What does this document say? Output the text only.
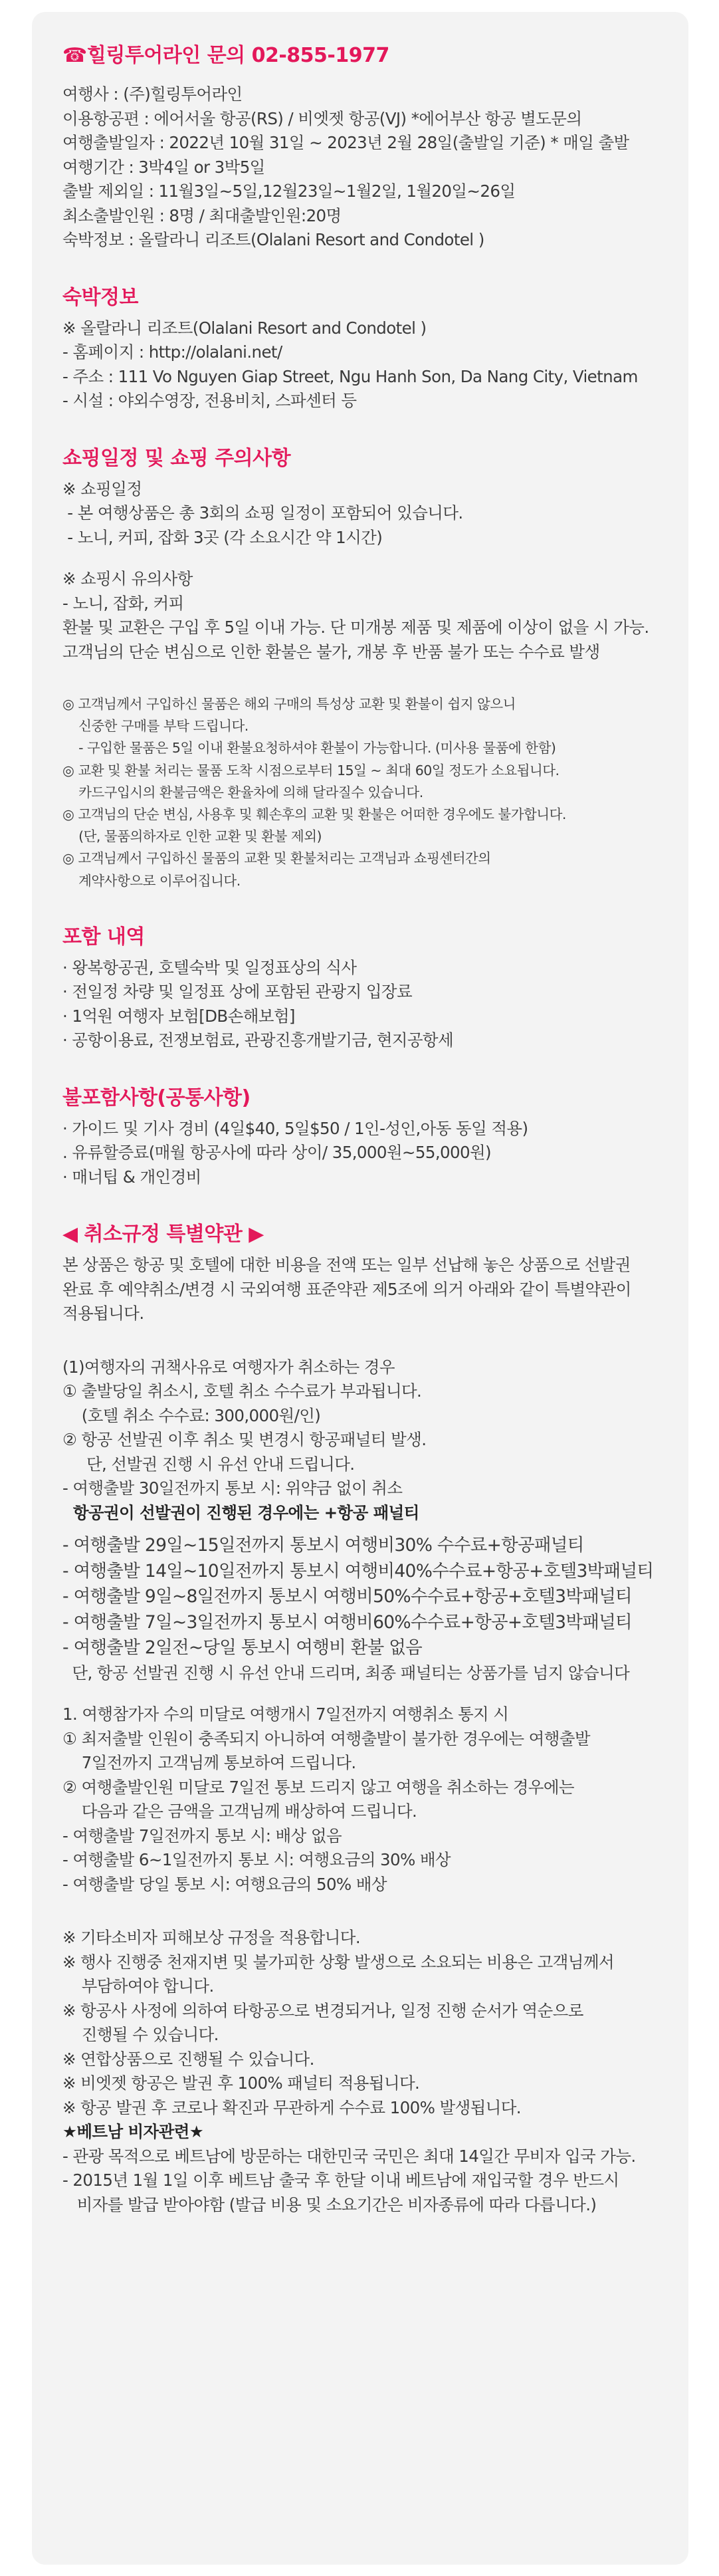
☎힐링투어라인 문의 02-855-1977
여행사 : (주)힐링투어라인
이용항공편 : 에어서울 항공(RS) / 비엣젯 항공(VJ) *에어부산 항공 별도문의
여행출발일자 : 2022년 10월 31일 ~ 2023년 2월 28일(출발일 기준) * 매일 출발
여행기간 : 3박4일 or 3박5일
출발 제외일 : 11월3일~5일,12월23일~1월2일, 1월20일~26일
최소출발인원 : 8명 / 최대출발인원:20명
숙박정보 : 올랄라니 리조트(Olalani Resort and Condotel )
숙박정보
※ 올랄라니 리조트(Olalani Resort and Condotel )
- 홈페이지 : http://olalani.net/
- 주소 : 111 Vo Nguyen Giap Street, Ngu Hanh Son, Da Nang City, Vietnam
- 시설 : 야외수영장, 전용비치, 스파센터 등
쇼핑일정 및 쇼핑 주의사항
※ 쇼핑일정
- 본 여행상품은 총 3회의 쇼핑 일정이 포함되어 있습니다.
- 노니, 커피, 잡화 3곳 (각 소요시간 약 1시간)
※ 쇼핑시 유의사항
- 노니, 잡화, 커피
환불 및 교환은 구입 후 5일 이내 가능. 단 미개봉 제품 및 제품에 이상이 없을 시 가능.
고객님의 단순 변심으로 인한 환불은 불가, 개봉 후 반품 불가 또는 수수료 발생
◎ 고객님께서 구입하신 물품은 해외 구매의 특성상 교환 및 환불이 쉽지 않으니
신중한 구매를 부탁 드립니다.
- 구입한 물품은 5일 이내 환불요청하셔야 환불이 가능합니다. (미사용 물품에 한함)
◎ 교환 및 환불 처리는 물품 도착 시점으로부터 15일 ~ 최대 60일 정도가 소요됩니다.
카드구입시의 환불금액은 환율차에 의해 달라질수 있습니다.
◎ 고객님의 단순 변심, 사용후 및 훼손후의 교환 및 환불은 어떠한 경우에도 불가합니다.
(단, 물품의하자로 인한 교환 및 환불 제외)
◎ 고객님께서 구입하신 물품의 교환 및 환불처리는 고객님과 쇼핑센터간의
계약사항으로 이루어집니다.
포함 내역
· 왕복항공권, 호텔숙박 및 일정표상의 식사
· 전일정 차량 및 일정표 상에 포함된 관광지 입장료
· 1억원 여행자 보험[DB손해보험]
· 공항이용료, 전쟁보험료, 관광진흥개발기금, 현지공항세
불포함사항(공통사항)
· 가이드 및 기사 경비 (4일$40, 5일$50 / 1인-성인,아동 동일 적용)
. 유류할증료(매월 항공사에 따라 상이/ 35,000원~55,000원)
· 매너팁 & 개인경비
◀ 취소규정 특별약관 ▶
본 상품은 항공 및 호텔에 대한 비용을 전액 또는 일부 선납해 놓은 상품으로 선발권
완료 후 예약취소/변경 시 국외여행 표준약관 제5조에 의거 아래와 같이 특별약관이
적용됩니다.
(1)여행자의 귀책사유로 여행자가 취소하는 경우
① 출발당일 취소시, 호텔 취소 수수료가 부과됩니다.
(호텔 취소 수수료: 300,000원/인)
② 항공 선발권 이후 취소 및 변경시 항공패널티 발생.
단, 선발권 진행 시 유선 안내 드립니다.
- 여행출발 30일전까지 통보 시: 위약금 없이 취소
항공권이 선발권이 진행된 경우에는 +항공 패널티
- 여행출발 29일~15일전까지 통보시 여행비30% 수수료+항공패널티
- 여행출발 14일~10일전까지 통보시 여행비40%수수료+항공+호텔3박패널티
- 여행출발 9일~8일전까지 통보시 여행비50%수수료+항공+호텔3박패널티
- 여행출발 7일~3일전까지 통보시 여행비60%수수료+항공+호텔3박패널티
- 여행출발 2일전~당일 통보시 여행비 환불 없음
단, 항공 선발권 진행 시 유선 안내 드리며, 최종 패널티는 상품가를 넘지 않습니다
1. 여행참가자 수의 미달로 여행개시 7일전까지 여행취소 통지 시
① 최저출발 인원이 충족되지 아니하여 여행출발이 불가한 경우에는 여행출발
7일전까지 고객님께 통보하여 드립니다.
② 여행출발인원 미달로 7일전 통보 드리지 않고 여행을 취소하는 경우에는
다음과 같은 금액을 고객님께 배상하여 드립니다.
- 여행출발 7일전까지 통보 시: 배상 없음
- 여행출발 6~1일전까지 통보 시: 여행요금의 30% 배상
- 여행출발 당일 통보 시: 여행요금의 50% 배상
※ 기타소비자 피해보상 규정을 적용합니다.
※ 행사 진행중 천재지변 및 불가피한 상황 발생으로 소요되는 비용은 고객님께서
부담하여야 합니다.
※ 항공사 사정에 의하여 타항공으로 변경되거나, 일정 진행 순서가 역순으로
진행될 수 있습니다.
※ 연합상품으로 진행될 수 있습니다.
※ 비엣젯 항공은 발권 후 100% 패널티 적용됩니다.
※ 항공 발권 후 코로나 확진과 무관하게 수수료 100% 발생됩니다.
★베트남 비자관련★
- 관광 목적으로 베트남에 방문하는 대한민국 국민은 최대 14일간 무비자 입국 가능.
- 2015년 1월 1일 이후 베트남 출국 후 한달 이내 베트남에 재입국할 경우 반드시
비자를 발급 받아야함 (발급 비용 및 소요기간은 비자종류에 따라 다릅니다.)
